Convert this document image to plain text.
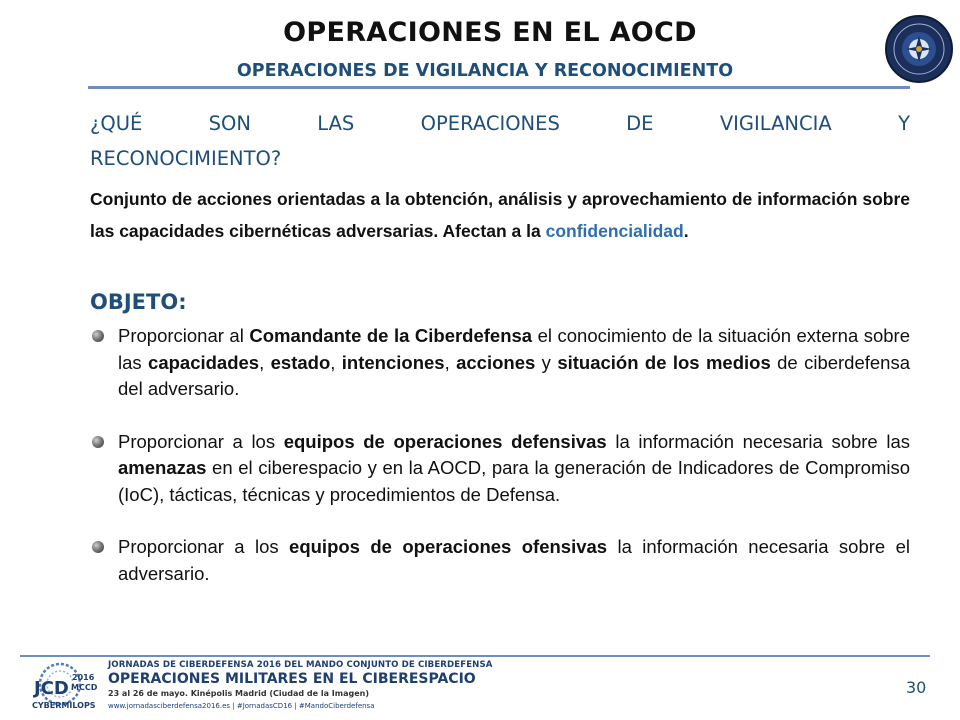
OPERACIONES EN EL AOCD
OPERACIONES DE VIGILANCIA Y RECONOCIMIENTO
¿QUÉ	SON	LAS	OPERACIONES	DE	VIGILANCIA	Y
RECONOCIMIENTO?
Conjunto de acciones orientadas a la obtención, análisis y aprovechamiento de información sobre las capacidades cibernéticas adversarias. Afectan a la confidencialidad.
OBJETO:
Proporcionar al Comandante de la Ciberdefensa el conocimiento de la situación externa sobre las capacidades, estado, intenciones, acciones y situación de los medios de ciberdefensa del adversario.
Proporcionar a los equipos de operaciones defensivas la información necesaria sobre las amenazas en el ciberespacio y en la AOCD, para la generación de Indicadores de Compromiso (IoC), tácticas, técnicas y procedimientos de Defensa.
Proporcionar a los equipos de operaciones ofensivas la información necesaria sobre el adversario.
JCD
2016
MCCD
CYBERMILOPS
JORNADAS DE CIBERDEFENSA 2016 DEL MANDO CONJUNTO DE CIBERDEFENSA
OPERACIONES MILITARES EN EL CIBERESPACIO
23 al 26 de mayo. Kinépolis Madrid (Ciudad de la Imagen)
www.jornadasciberdefensa2016.es | #JornadasCD16 | #MandoCiberdefensa
30
